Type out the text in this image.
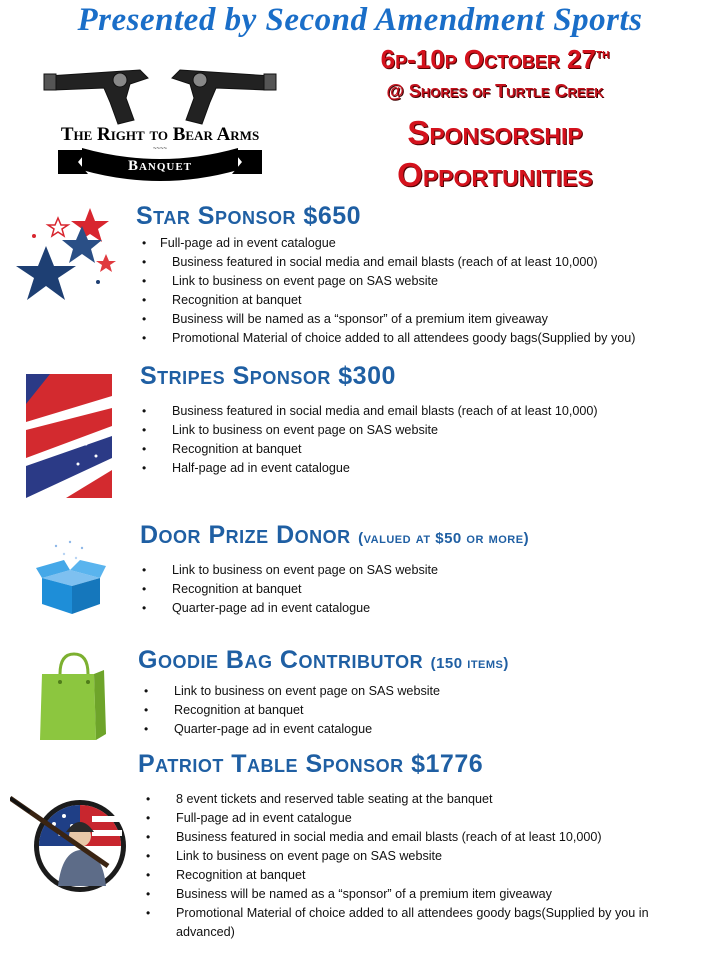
Presented by Second Amendment Sports
The Right to Bear Arms
~~~~
Banquet
6p-10p October 27th
@ Shores of Turtle Creek
Sponsorship
Opportunities
Star Sponsor $650
• Full-page ad in event catalogue
• Business featured in social media and email blasts (reach of at least 10,000)
• Link to business on event page on SAS website
• Recognition at banquet
• Business will be named as a “sponsor” of a premium item giveaway
• Promotional Material of choice added to all attendees goody bags(Supplied by you)
Stripes Sponsor $300
• Business featured in social media and email blasts (reach of at least 10,000)
• Link to business on event page on SAS website
• Recognition at banquet
• Half-page ad in event catalogue
Door Prize Donor (valued at $50 or more)
• Link to business on event page on SAS website
• Recognition at banquet
• Quarter-page ad in event catalogue
Goodie Bag Contributor (150 items)
• Link to business on event page on SAS website
• Recognition at banquet
• Quarter-page ad in event catalogue
Patriot Table Sponsor $1776
• 8 event tickets and reserved table seating at the banquet
• Full-page ad in event catalogue
• Business featured in social media and email blasts (reach of at least 10,000)
• Link to business on event page on SAS website
• Recognition at banquet
• Business will be named as a “sponsor” of a premium item giveaway
• Promotional Material of choice added to all attendees goody bags(Supplied by you in advanced)
